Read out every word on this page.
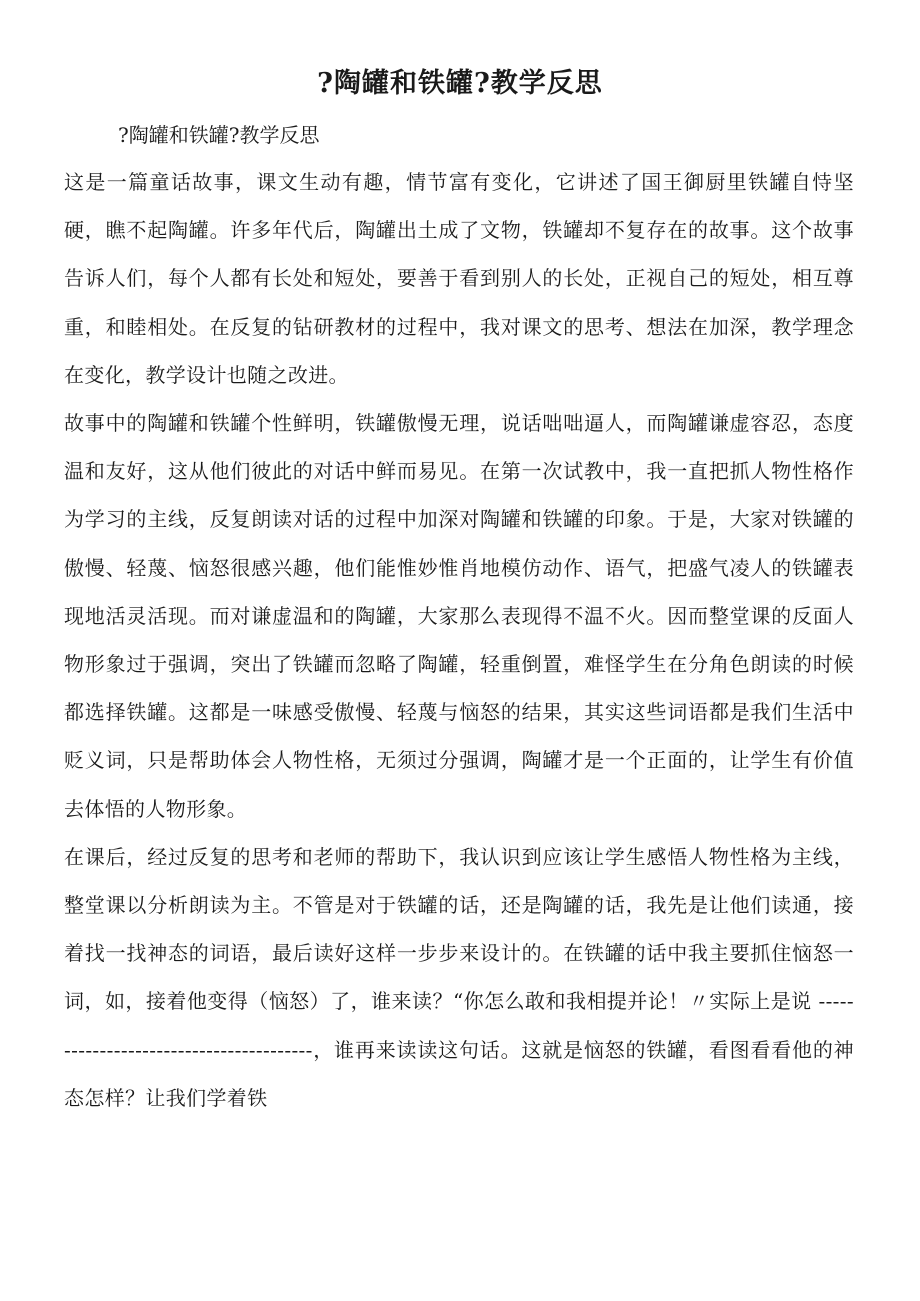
?陶罐和铁罐?教学反思

?陶罐和铁罐?教学反思

这是一篇童话故事，课文生动有趣，情节富有变化，它讲述了国王御厨里铁罐自恃坚硬，瞧不起陶罐。许多年代后，陶罐出土成了文物，铁罐却不复存在的故事。这个故事告诉人们，每个人都有长处和短处，要善于看到别人的长处，正视自己的短处，相互尊重，和睦相处。在反复的钻研教材的过程中，我对课文的思考、想法在加深，教学理念在变化，教学设计也随之改进。

故事中的陶罐和铁罐个性鲜明，铁罐傲慢无理，说话咄咄逼人，而陶罐谦虚容忍，态度温和友好，这从他们彼此的对话中鲜而易见。在第一次试教中，我一直把抓人物性格作为学习的主线，反复朗读对话的过程中加深对陶罐和铁罐的印象。于是，大家对铁罐的傲慢、轻蔑、恼怒很感兴趣，他们能惟妙惟肖地模仿动作、语气，把盛气凌人的铁罐表现地活灵活现。而对谦虚温和的陶罐，大家那么表现得不温不火。因而整堂课的反面人物形象过于强调，突出了铁罐而忽略了陶罐，轻重倒置，难怪学生在分角色朗读的时候都选择铁罐。这都是一味感受傲慢、轻蔑与恼怒的结果，其实这些词语都是我们生活中贬义词，只是帮助体会人物性格，无须过分强调，陶罐才是一个正面的，让学生有价值去体悟的人物形象。

在课后，经过反复的思考和老师的帮助下，我认识到应该让学生感悟人物性格为主线，整堂课以分析朗读为主。不管是对于铁罐的话，还是陶罐的话，我先是让他们读通，接着找一找神态的词语，最后读好这样一步步来设计的。在铁罐的话中我主要抓住恼怒一词，如，接着他变得（恼怒）了，谁来读？“你怎么敢和我相提并论！〃实际上是说 ----------------------------------------，谁再来读读这句话。这就是恼怒的铁罐，看图看看他的神态怎样？让我们学着铁
